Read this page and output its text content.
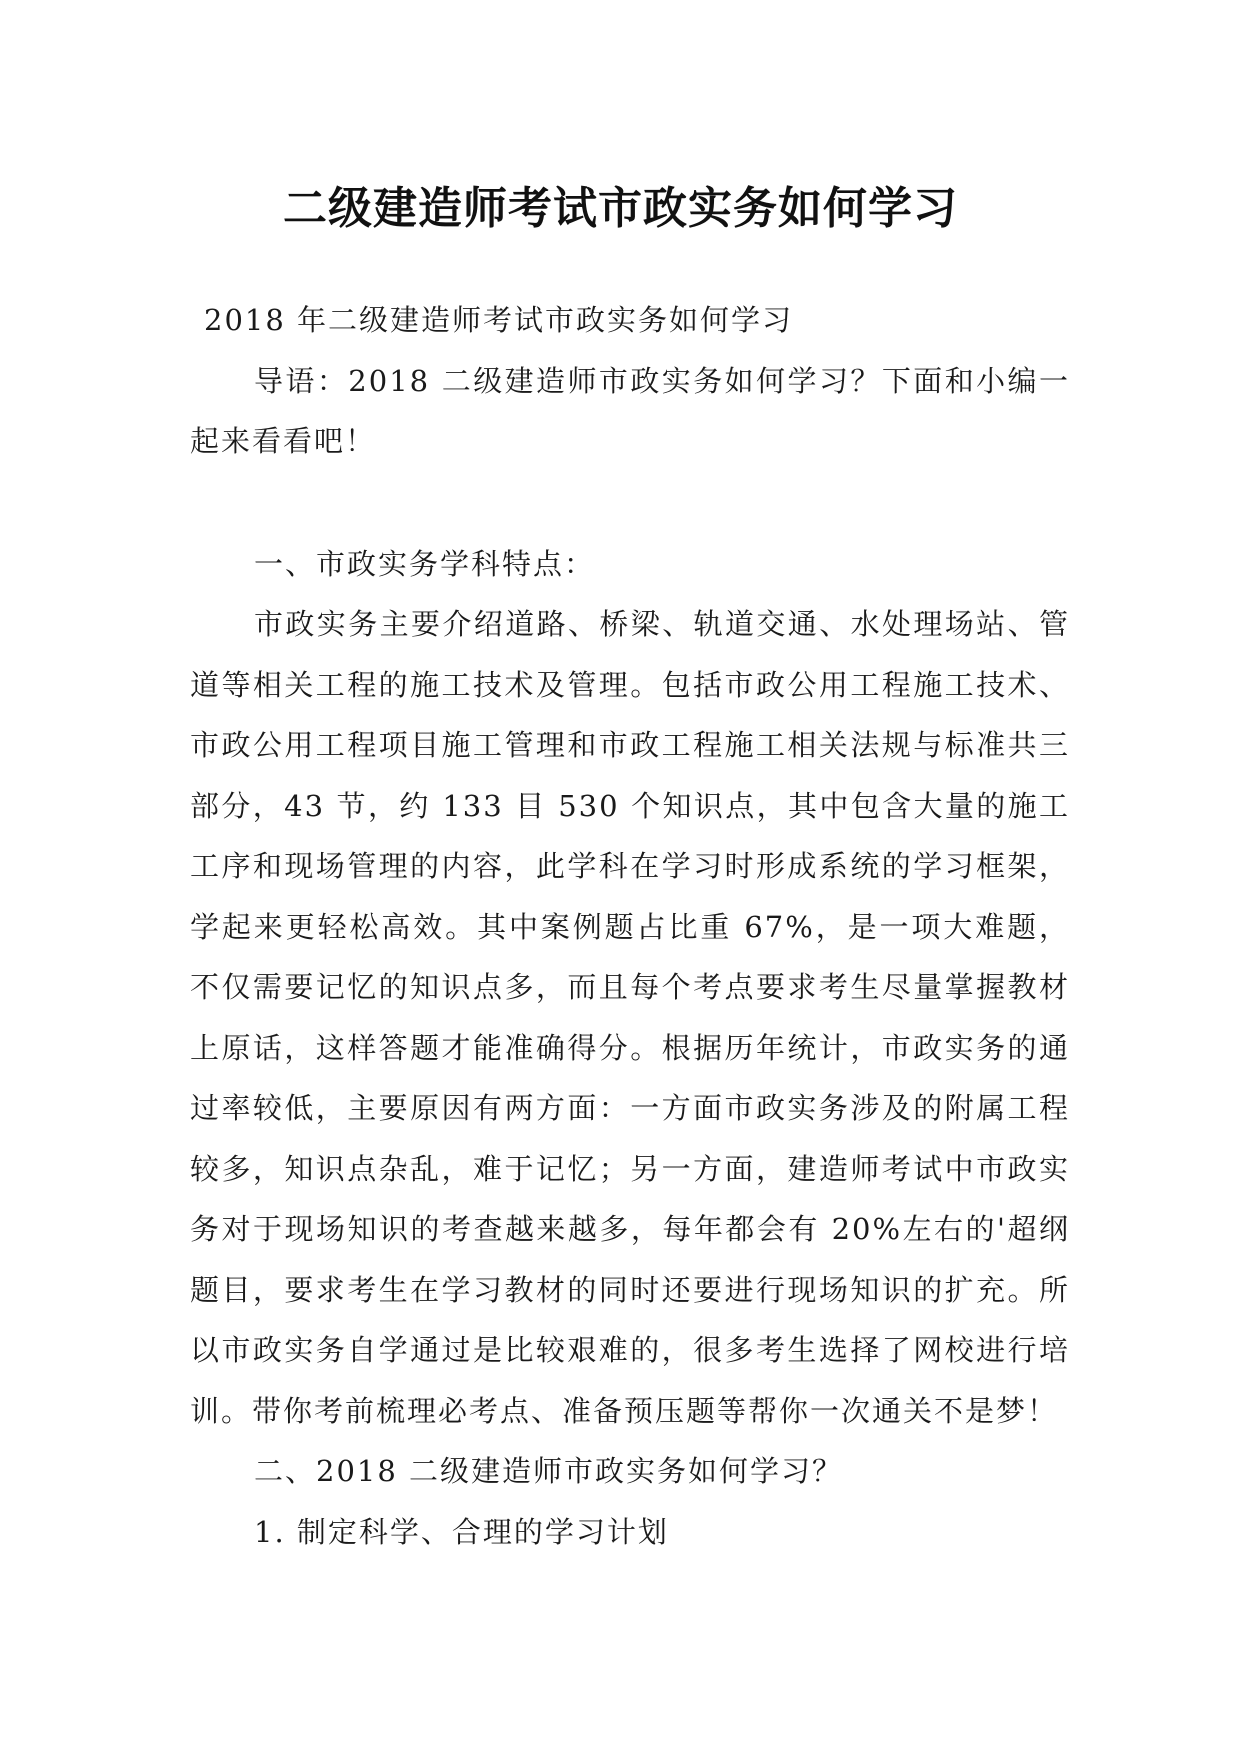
二级建造师考试市政实务如何学习

2018 年二级建造师考试市政实务如何学习

导语：2018 二级建造师市政实务如何学习？下面和小编一起来看看吧！

一、市政实务学科特点：

市政实务主要介绍道路、桥梁、轨道交通、水处理场站、管道等相关工程的施工技术及管理。包括市政公用工程施工技术、市政公用工程项目施工管理和市政工程施工相关法规与标准共三部分，43 节，约 133 目 530 个知识点，其中包含大量的施工工序和现场管理的内容，此学科在学习时形成系统的学习框架，学起来更轻松高效。其中案例题占比重 67%，是一项大难题，不仅需要记忆的知识点多，而且每个考点要求考生尽量掌握教材上原话，这样答题才能准确得分。根据历年统计，市政实务的通过率较低，主要原因有两方面：一方面市政实务涉及的附属工程较多，知识点杂乱，难于记忆；另一方面，建造师考试中市政实务对于现场知识的考查越来越多，每年都会有 20%左右的'超纲题目，要求考生在学习教材的同时还要进行现场知识的扩充。所以市政实务自学通过是比较艰难的，很多考生选择了网校进行培训。带你考前梳理必考点、准备预压题等帮你一次通关不是梦！

二、2018 二级建造师市政实务如何学习？

1. 制定科学、合理的学习计划
